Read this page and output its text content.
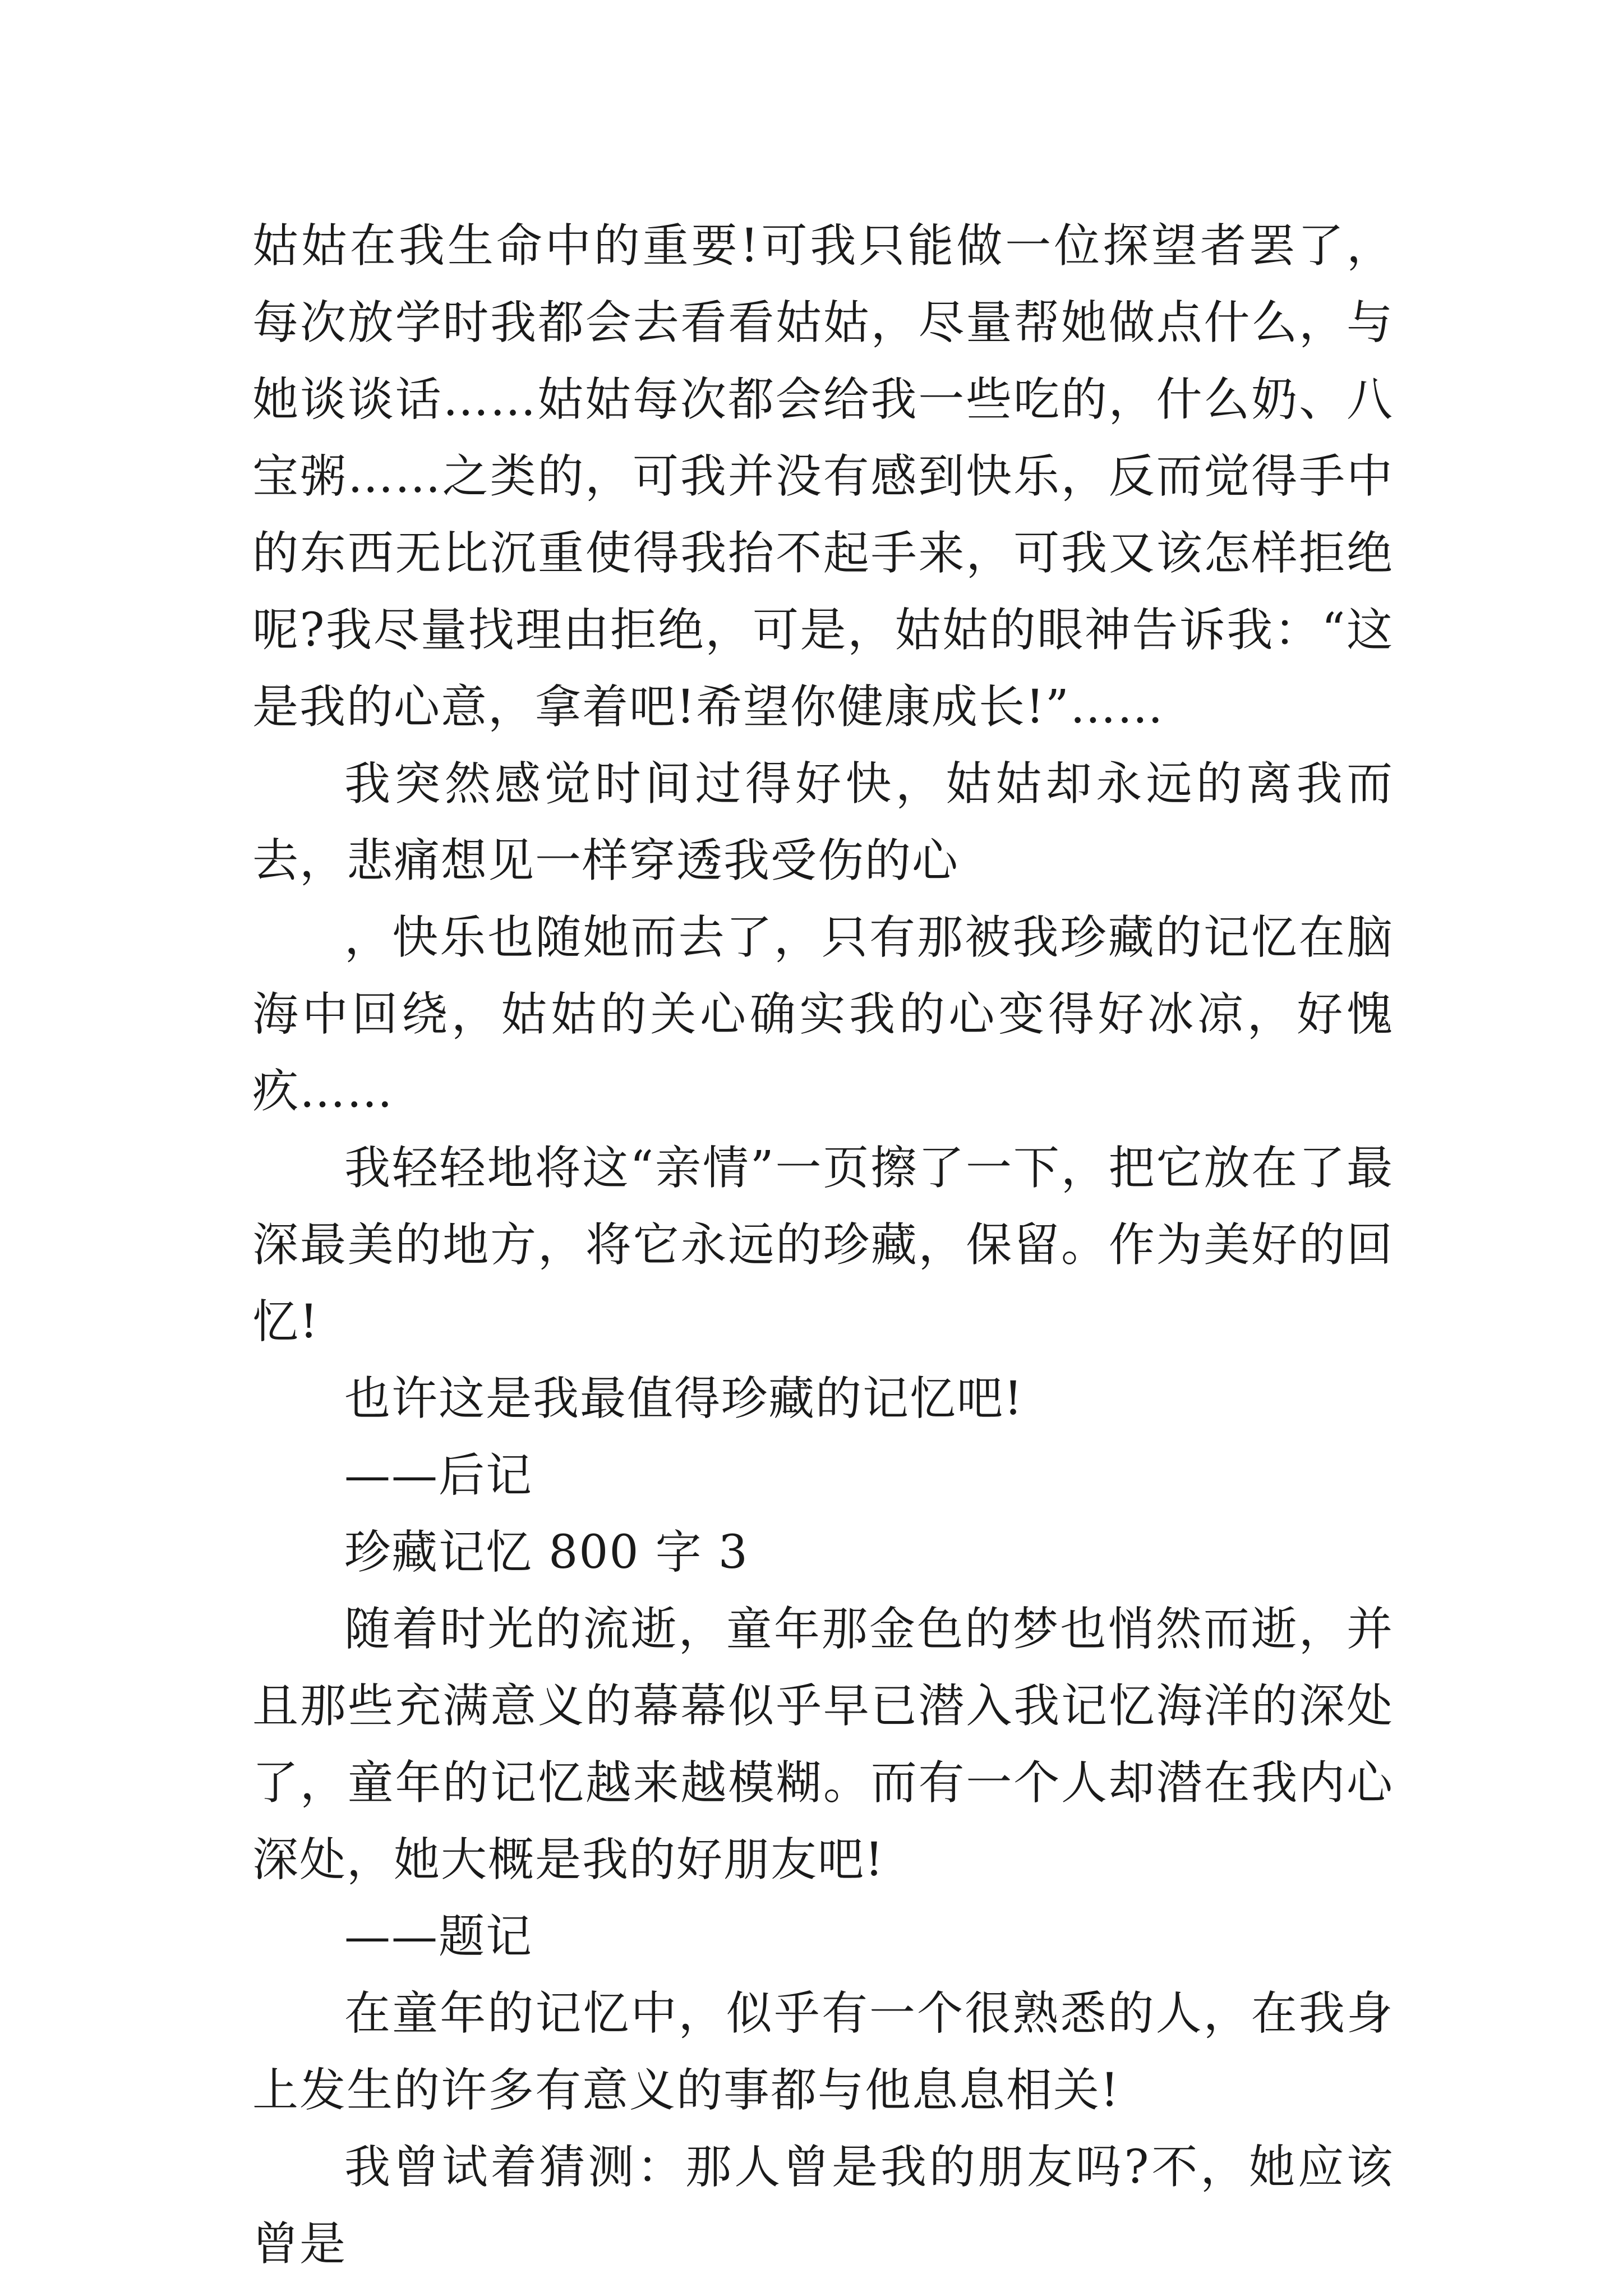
姑姑在我生命中的重要!可我只能做一位探望者罢了，每次放学时我都会去看看姑姑，尽量帮她做点什么，与她谈谈话……姑姑每次都会给我一些吃的，什么奶、八宝粥……之类的，可我并没有感到快乐，反而觉得手中的东西无比沉重使得我抬不起手来，可我又该怎样拒绝呢?我尽量找理由拒绝，可是，姑姑的眼神告诉我：“这是我的心意，拿着吧!希望你健康成长!”……

我突然感觉时间过得好快，姑姑却永远的离我而去，悲痛想见一样穿透我受伤的心

，快乐也随她而去了，只有那被我珍藏的记忆在脑海中回绕，姑姑的关心确实我的心变得好冰凉，好愧疚……

我轻轻地将这“亲情”一页擦了一下，把它放在了最深最美的地方，将它永远的珍藏，保留。作为美好的回忆!

也许这是我最值得珍藏的记忆吧!

——后记

珍藏记忆 800 字 3

随着时光的流逝，童年那金色的梦也悄然而逝，并且那些充满意义的幕幕似乎早已潜入我记忆海洋的深处了，童年的记忆越来越模糊。而有一个人却潜在我内心深处，她大概是我的好朋友吧!

——题记

在童年的记忆中，似乎有一个很熟悉的人，在我身上发生的许多有意义的事都与他息息相关!

我曾试着猜测：那人曾是我的朋友吗?不，她应该曾是
